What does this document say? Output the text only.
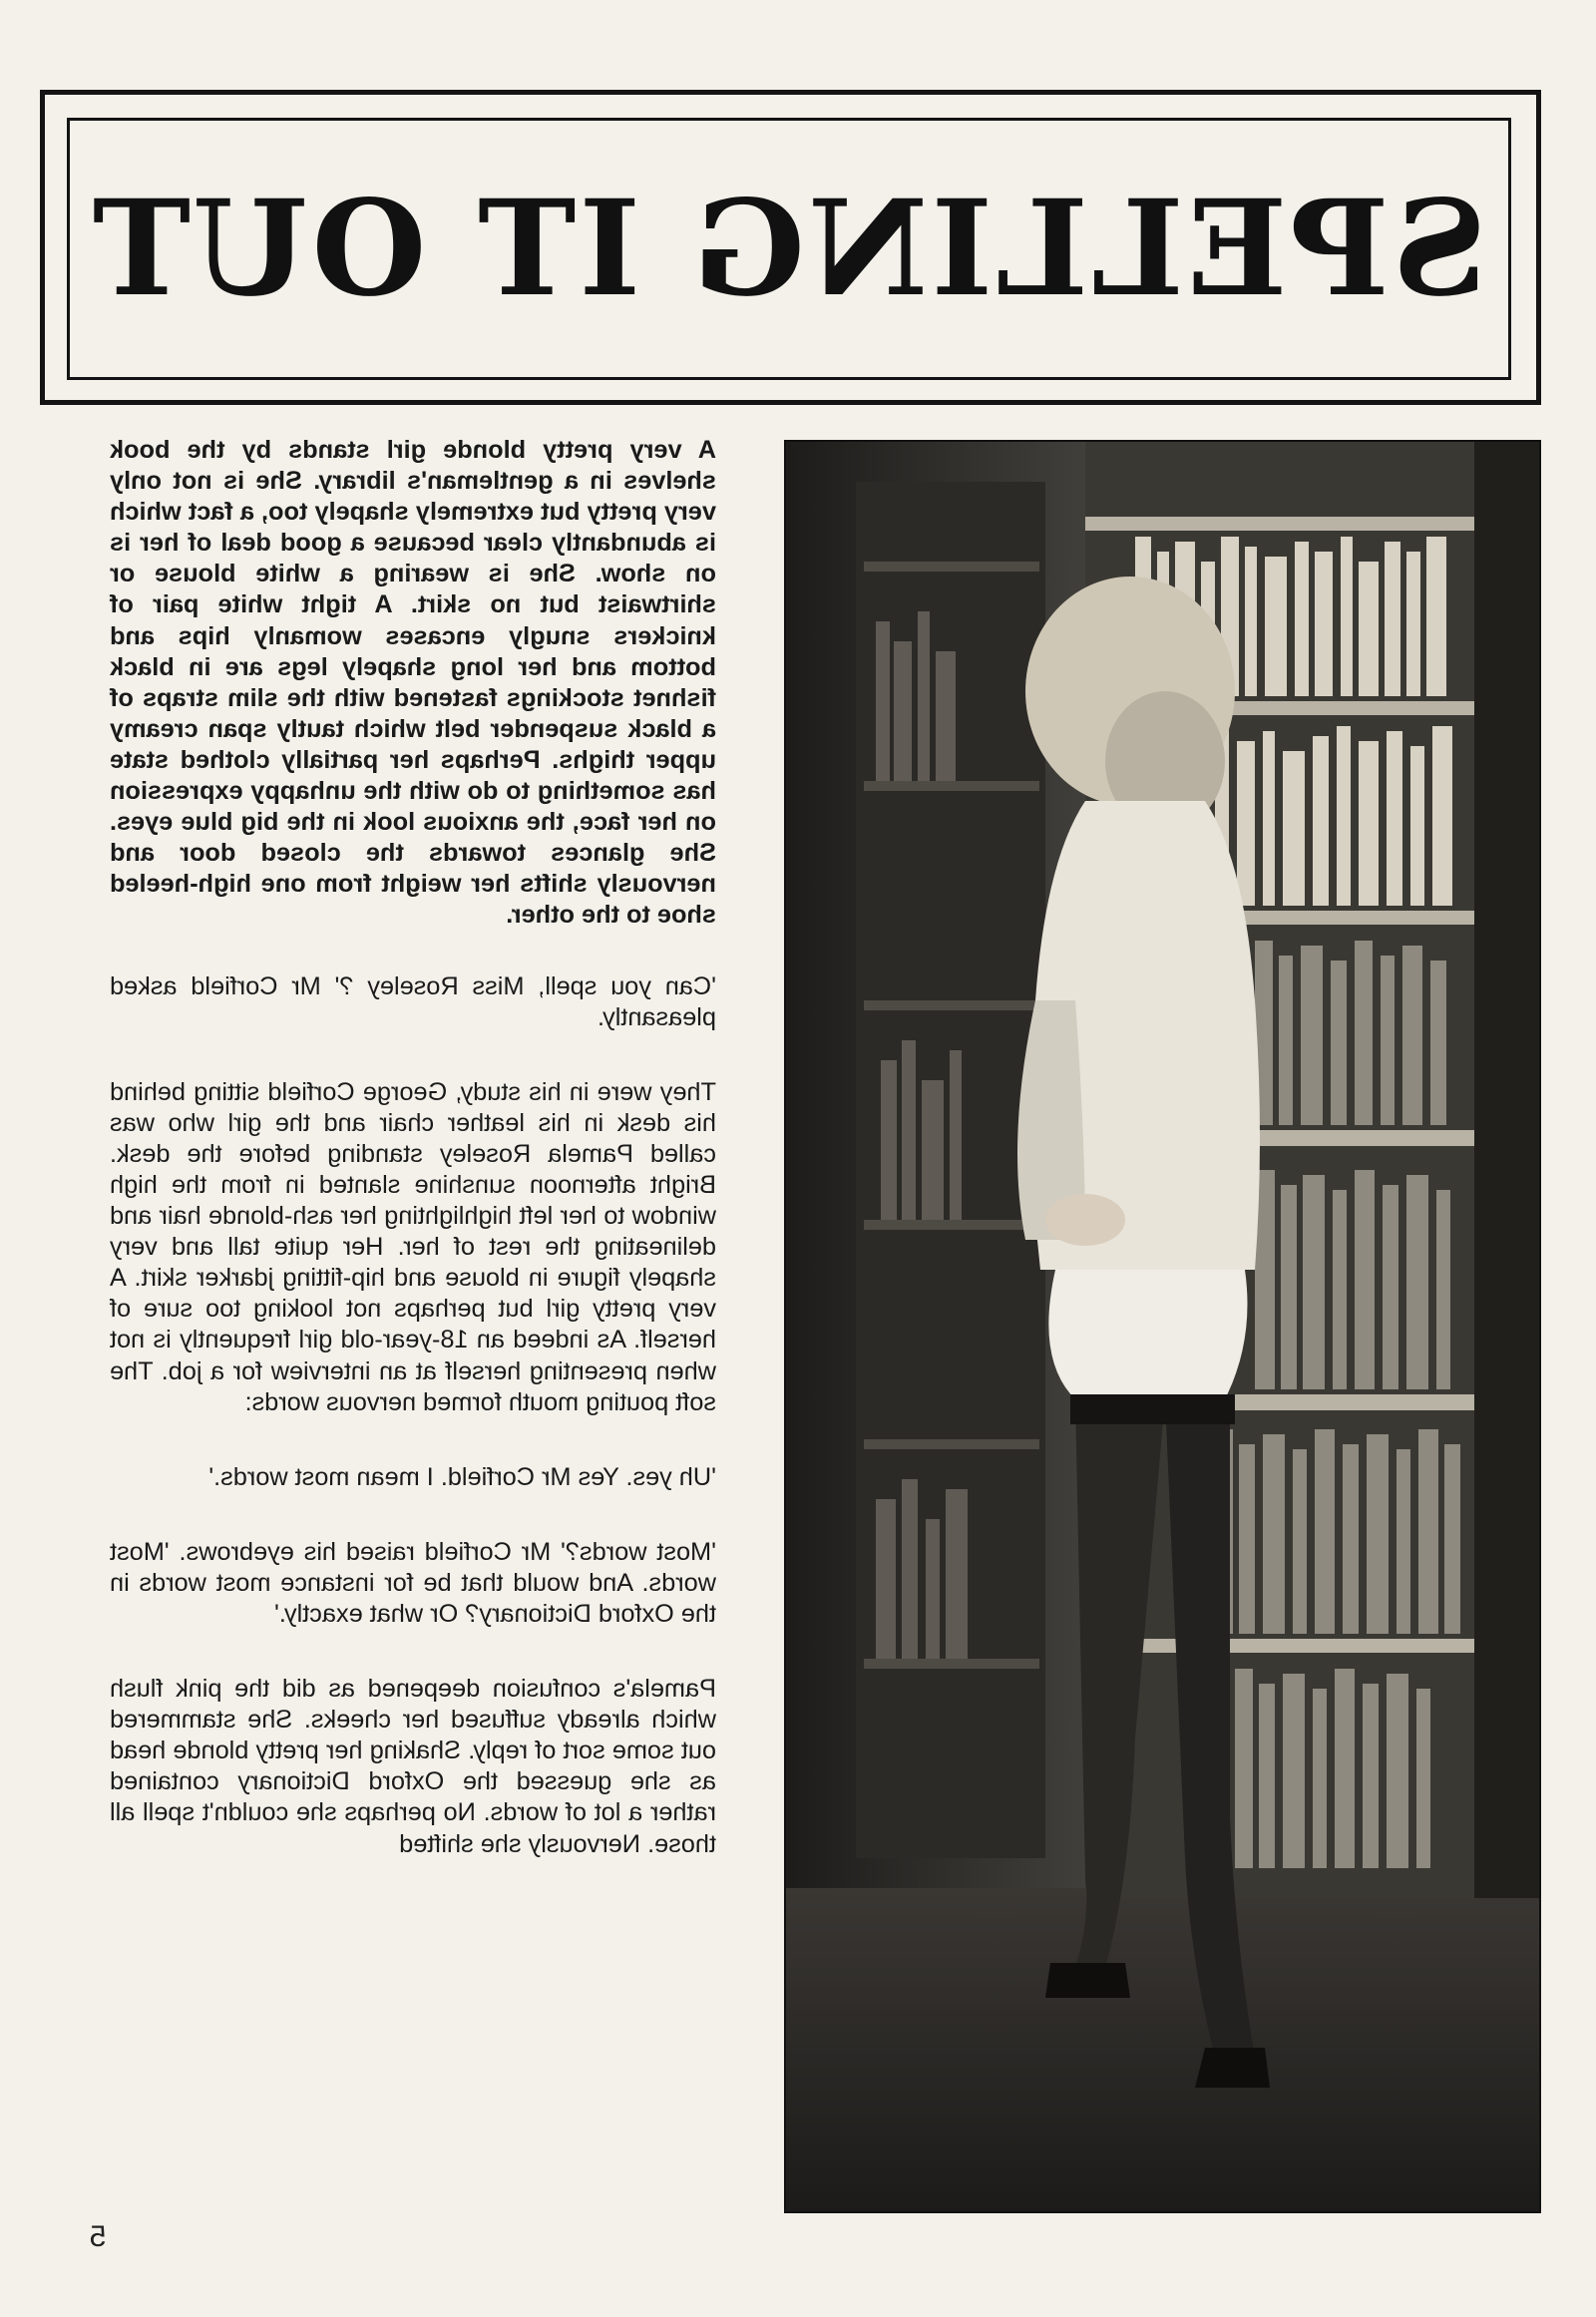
SPELLING IT OUT

A very pretty blonde girl stands by the book shelves in a gentleman's library. She is not only very pretty but extremely shapely too, a fact which is abundantly clear because a good deal of her is on show. She is wearing a white blouse or shirtwaist but no skirt. A tight white pair of knickers snugly encases womanly hips and bottom and her long shapely legs are in black fishnet stockings fastened with the slim straps of a black suspender belt which tautly span creamy upper thighs. Perhaps her partially clothed state has something to do with the unhappy expression on her face, the anxious look in the big blue eyes. She glances towards the closed door and nervously shifts her weight from one high-heeled shoe to the other.

'Can you spell, Miss Roseley ?' Mr Corfield asked pleasantly.

They were in his study, George Corfield sitting behind his desk in his leather chair and the girl who was called Pamela Roseley standing before the desk. Bright afternoon sunshine slanted in from the high window to her left highlighting her ash-blonde hair and delineating the rest of her. Her quite tall and very shapely figure in blouse and hip-fitting jdarker skirt. A very pretty girl but perhaps not looking too sure of herself. As indeed an 18-year-old girl frequently is not when presenting herself at an interview for a job. The soft pouting mouth formed nervous words:

'Uh yes. Yes Mr Corfield. I mean most words.'

'Most words?' Mr Corfield raised his eyebrows. 'Most words. And would that be for instance most words in the Oxford Dictionary? Or what exactly.'

Pamela's confusion deepened as did the pink flush which already suffused her cheeks. She stammered out some sort of reply. Shaking her pretty blonde head as she guessed the Oxford Dictionary contained rather a lot of words. No perhaps she couldn't spell all those. Nervously she shifted

5
